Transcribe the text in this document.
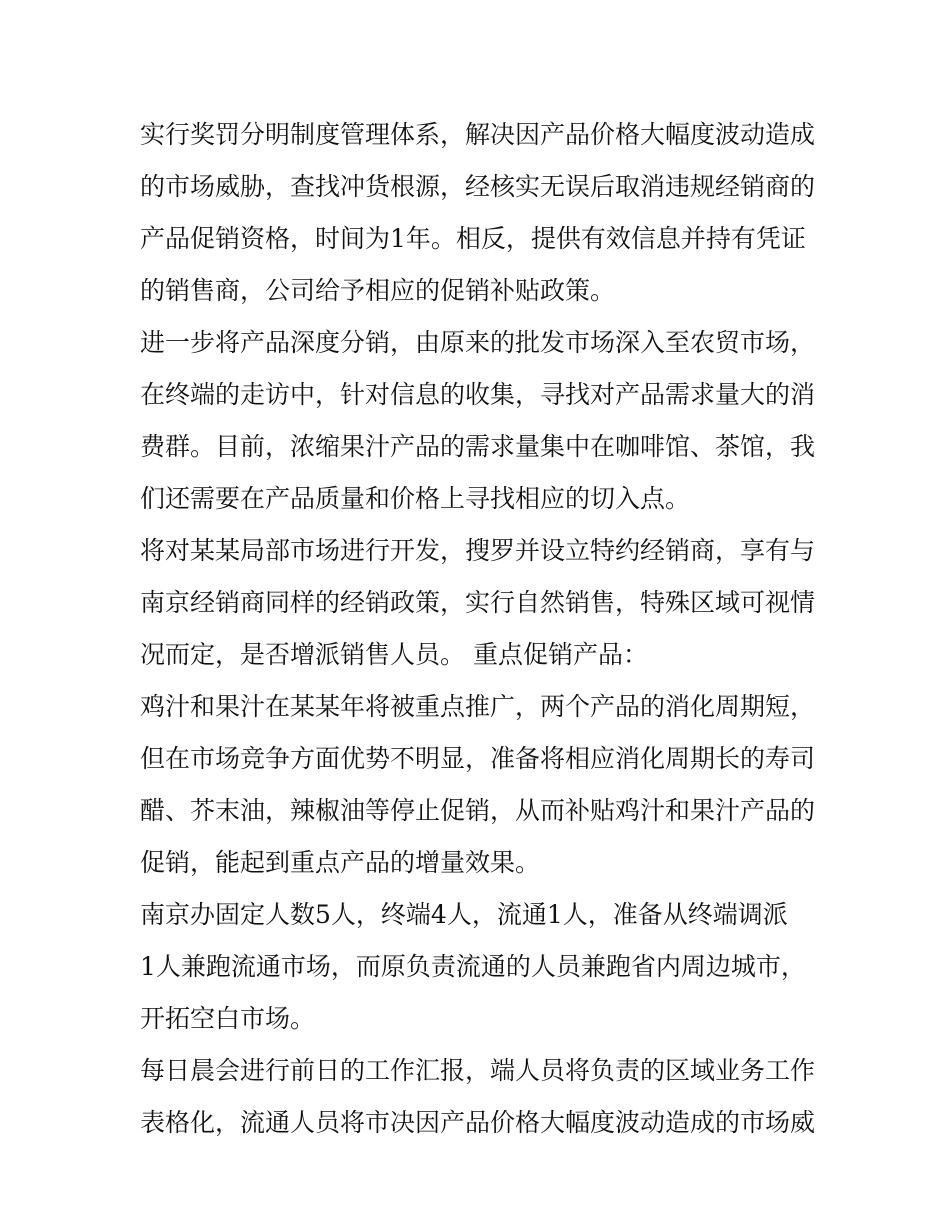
实行奖罚分明制度管理体系，解决因产品价格大幅度波动造成
的市场威胁，查找冲货根源，经核实无误后取消违规经销商的
产品促销资格，时间为1年。相反，提供有效信息并持有凭证
的销售商，公司给予相应的促销补贴政策。
进一步将产品深度分销，由原来的批发市场深入至农贸市场，
在终端的走访中，针对信息的收集，寻找对产品需求量大的消
费群。目前，浓缩果汁产品的需求量集中在咖啡馆、茶馆，我
们还需要在产品质量和价格上寻找相应的切入点。
将对某某局部市场进行开发，搜罗并设立特约经销商，享有与
南京经销商同样的经销政策，实行自然销售，特殊区域可视情
况而定，是否增派销售人员。 重点促销产品：
鸡汁和果汁在某某年将被重点推广，两个产品的消化周期短，
但在市场竞争方面优势不明显，准备将相应消化周期长的寿司
醋、芥末油，辣椒油等停止促销，从而补贴鸡汁和果汁产品的
促销，能起到重点产品的增量效果。
南京办固定人数5人，终端4人，流通1人，准备从终端调派
1人兼跑流通市场，而原负责流通的人员兼跑省内周边城市，
开拓空白市场。
每日晨会进行前日的工作汇报，端人员将负责的区域业务工作
表格化，流通人员将市决因产品价格大幅度波动造成的市场威
